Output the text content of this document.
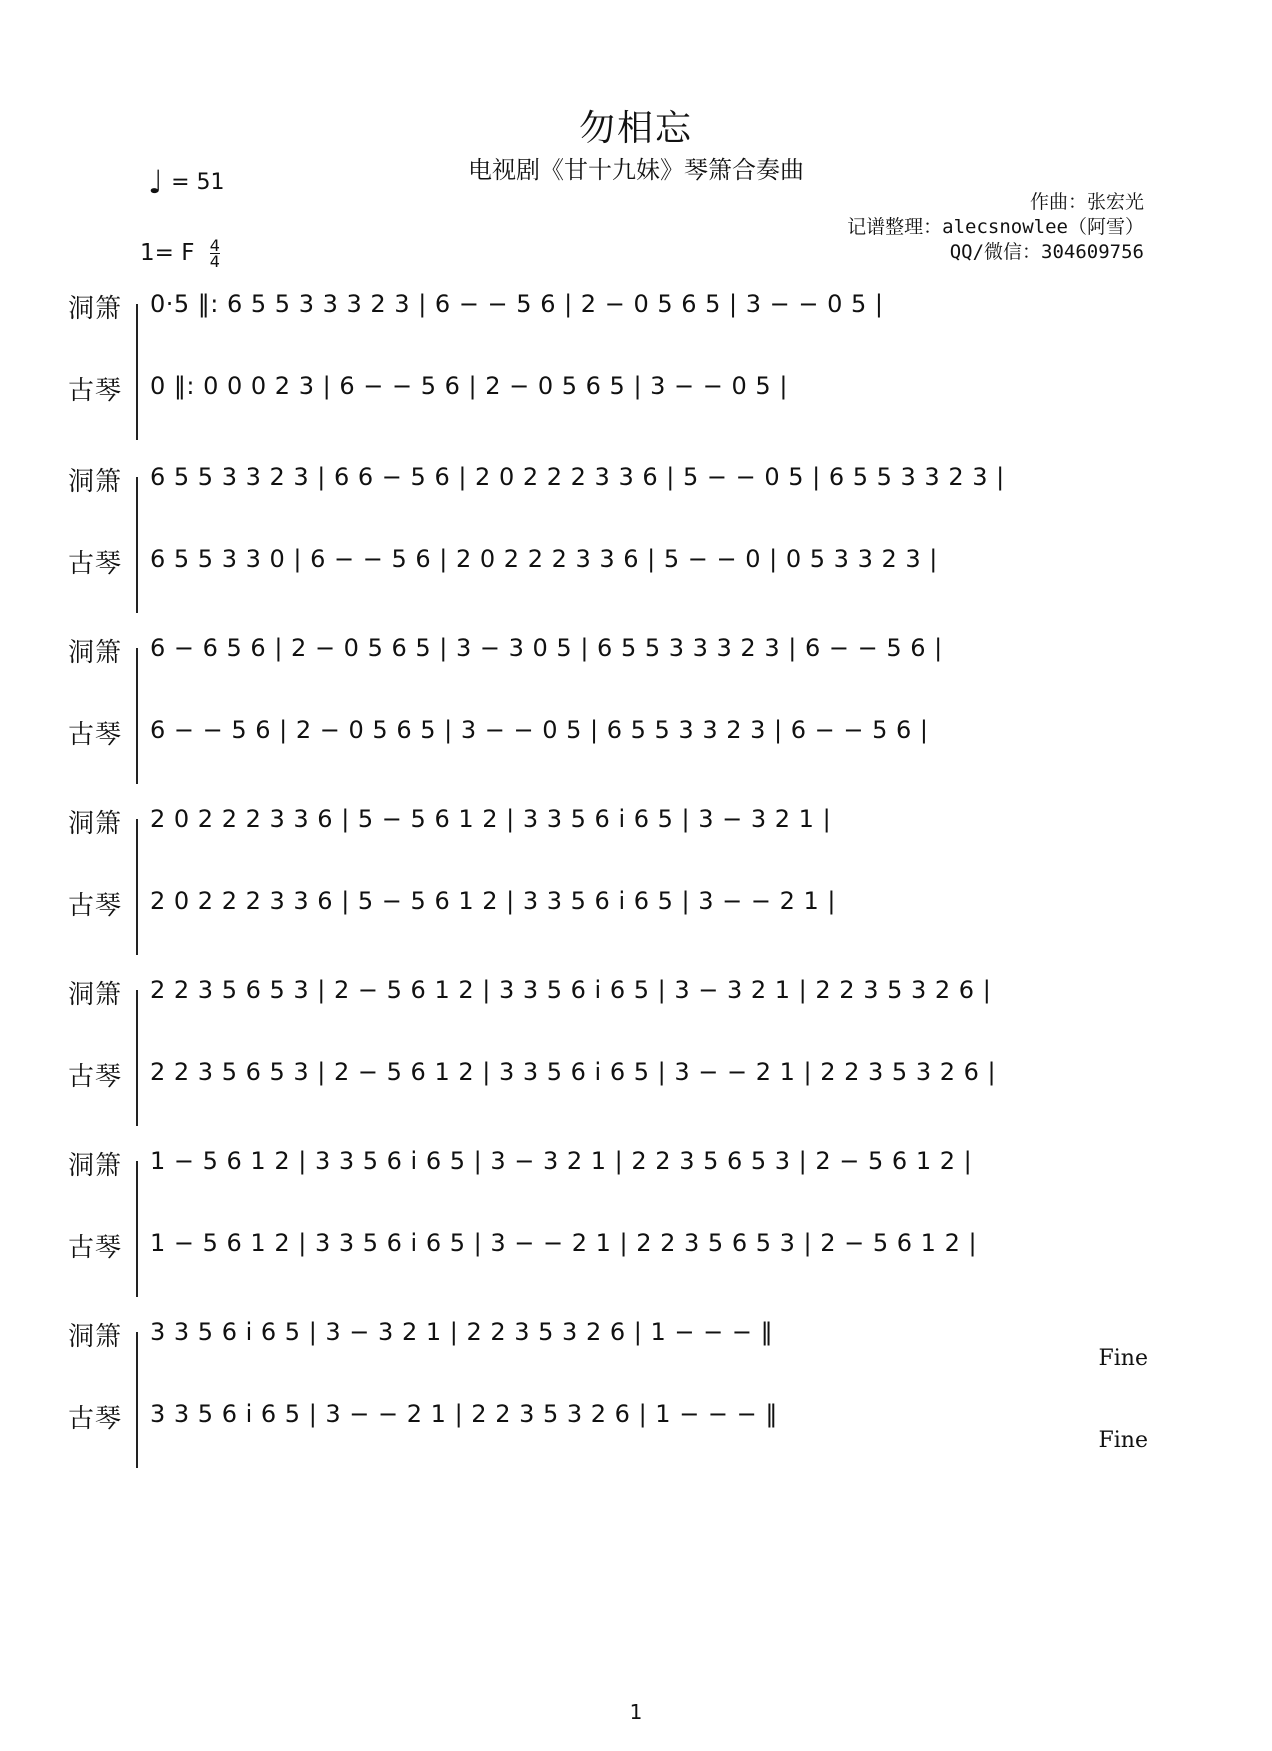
勿相忘
电视剧《甘十九妹》琴箫合奏曲
♩ = 51
1= F $\frac{4}{4}$
作曲：张宏光
记谱整理：alecsnowlee（阿雪）
QQ/微信：304609756
洞箫 0·5 ‖: 6 5 5 3 3 3 2 3 | 6 − − 5 6 | 2 − 0 5 6 5 | 3 − − 0 5 |
古琴 0 ‖: 0 0 0 2 3 | 6 − − 5 6 | 2 − 0 5 6 5 | 3 − − 0 5 |
洞箫 6 5 5 3 3 2 3 | 6 6 − 5 6 | 2 0 2 2 2 3 3 6 | 5 − − 0 5 | 6 5 5 3 3 2 3 |
古琴 6 5 5 3 3 0 | 6 − − 5 6 | 2 0 2 2 2 3 3 6 | 5 − − 0 | 0 5 3 3 2 3 |
洞箫 6 − 6 5 6 | 2 − 0 5 6 5 | 3 − 3 0 5 | 6 5 5 3 3 3 2 3 | 6 − − 5 6 |
古琴 6 − − 5 6 | 2 − 0 5 6 5 | 3 − − 0 5 | 6 5 5 3 3 2 3 | 6 − − 5 6 |
洞箫 2 0 2 2 2 3 3 6 | 5 − 5 6 1 2 | 3 3 5 6 i 6 5 | 3 − 3 2 1 |
古琴 2 0 2 2 2 3 3 6 | 5 − 5 6 1 2 | 3 3 5 6 i 6 5 | 3 − − 2 1 |
洞箫 2 2 3 5 6 5 3 | 2 − 5 6 1 2 | 3 3 5 6 i 6 5 | 3 − 3 2 1 | 2 2 3 5 3 2 6 |
古琴 2 2 3 5 6 5 3 | 2 − 5 6 1 2 | 3 3 5 6 i 6 5 | 3 − − 2 1 | 2 2 3 5 3 2 6 |
洞箫 1 − 5 6 1 2 | 3 3 5 6 i 6 5 | 3 − 3 2 1 | 2 2 3 5 6 5 3 | 2 − 5 6 1 2 |
古琴 1 − 5 6 1 2 | 3 3 5 6 i 6 5 | 3 − − 2 1 | 2 2 3 5 6 5 3 | 2 − 5 6 1 2 |
洞箫 3 3 5 6 i 6 5 | 3 − 3 2 1 | 2 2 3 5 3 2 6 | 1 − − − ‖
Fine
古琴 3 3 5 6 i 6 5 | 3 − − 2 1 | 2 2 3 5 3 2 6 | 1 − − − ‖
Fine
1
